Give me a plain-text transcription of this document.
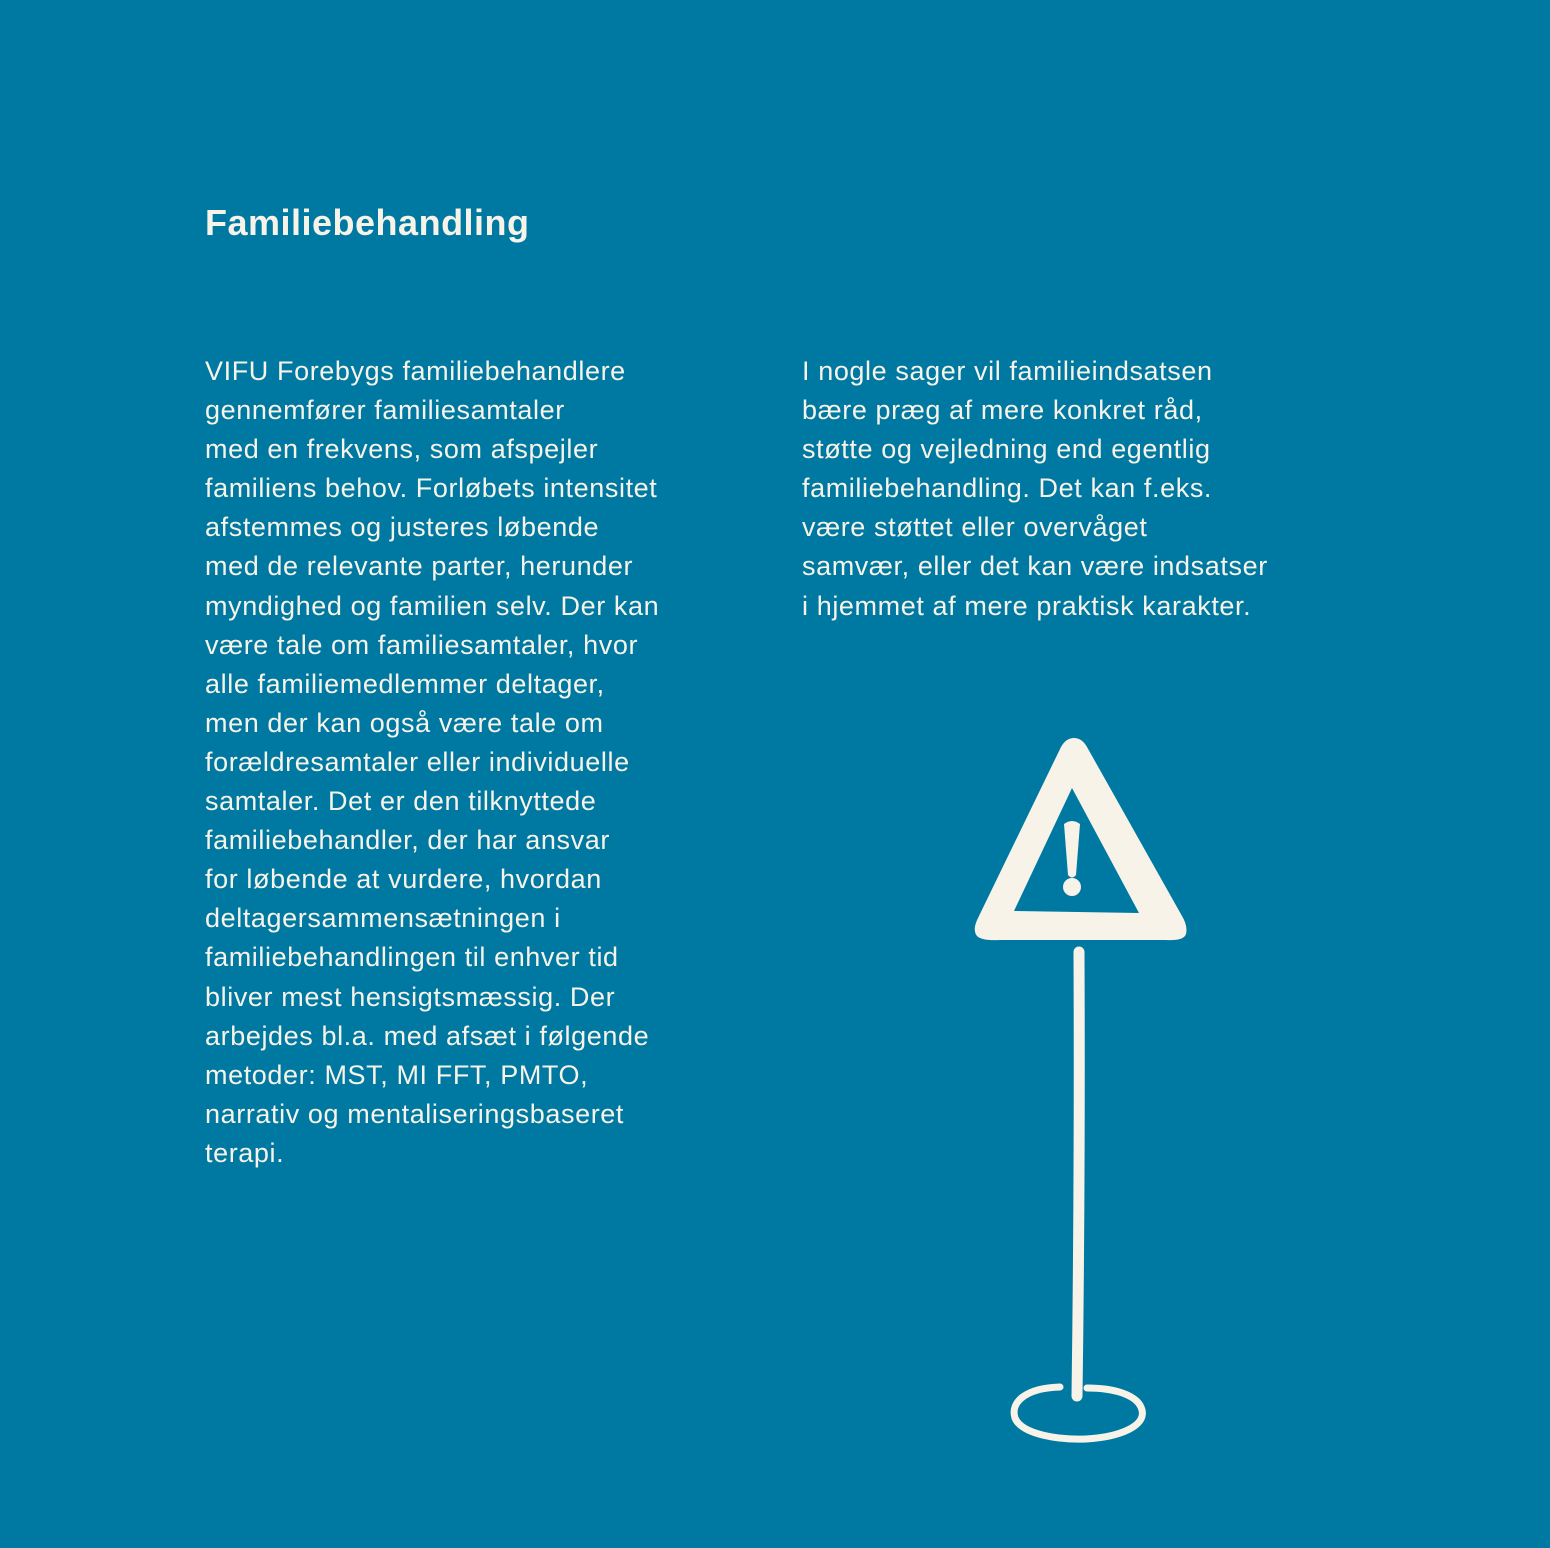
Familiebehandling
VIFU Forebygs familiebehandlere
gennemfører familiesamtaler
med en frekvens, som afspejler
familiens behov. Forløbets intensitet
afstemmes og justeres løbende
med de relevante parter, herunder
myndighed og familien selv. Der kan
være tale om familiesamtaler, hvor
alle familiemedlemmer deltager,
men der kan også være tale om
forældresamtaler eller individuelle
samtaler. Det er den tilknyttede
familiebehandler, der har ansvar
for løbende at vurdere, hvordan
deltagersammensætningen i
familiebehandlingen til enhver tid
bliver mest hensigtsmæssig. Der
arbejdes bl.a. med afsæt i følgende
metoder: MST, MI FFT, PMTO,
narrativ og mentaliseringsbaseret
terapi.
I nogle sager vil familieindsatsen
bære præg af mere konkret råd,
støtte og vejledning end egentlig
familiebehandling. Det kan f.eks.
være støttet eller overvåget
samvær, eller det kan være indsatser
i hjemmet af mere praktisk karakter.
